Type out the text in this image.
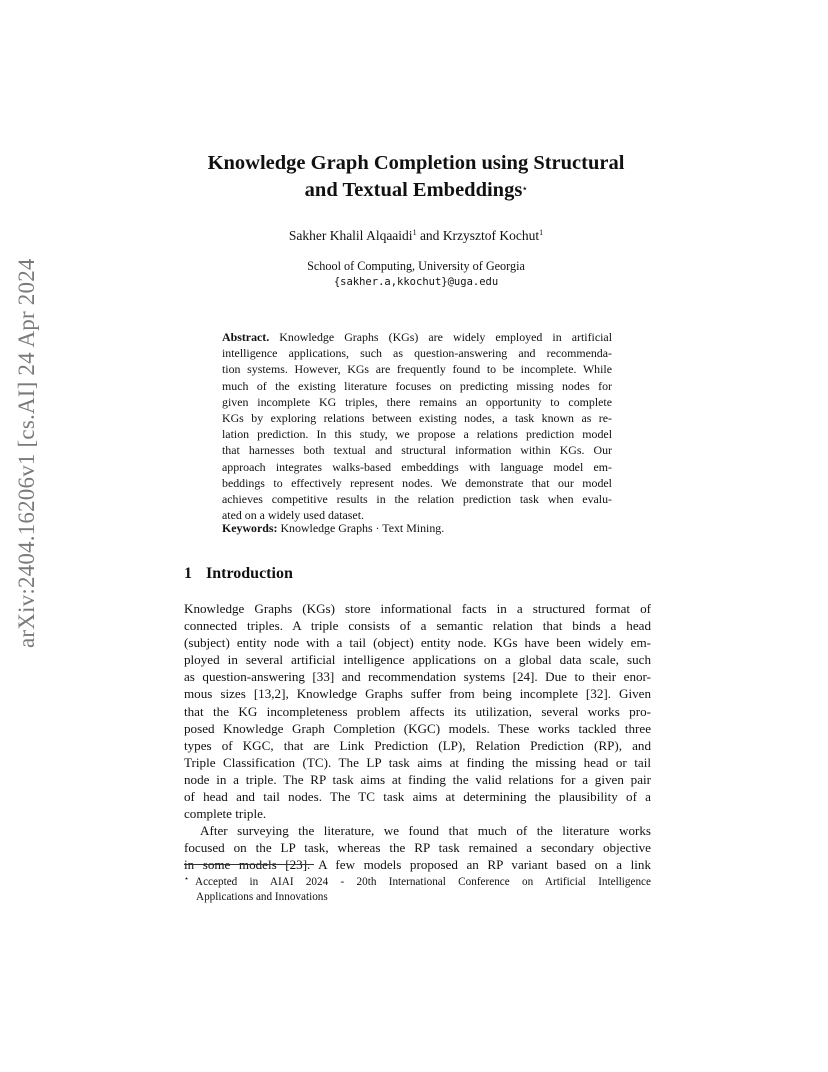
arXiv:2404.16206v1 [cs.AI] 24 Apr 2024
Knowledge Graph Completion using Structural
and Textual Embeddings⋆
Sakher Khalil Alqaaidi$^1$ and Krzysztof Kochut$^1$
School of Computing, University of Georgia
{sakher.a,kkochut}@uga.edu
Abstract. Knowledge Graphs (KGs) are widely employed in artificial
intelligence applications, such as question-answering and recommenda-
tion systems. However, KGs are frequently found to be incomplete. While
much of the existing literature focuses on predicting missing nodes for
given incomplete KG triples, there remains an opportunity to complete
KGs by exploring relations between existing nodes, a task known as re-
lation prediction. In this study, we propose a relations prediction model
that harnesses both textual and structural information within KGs. Our
approach integrates walks-based embeddings with language model em-
beddings to effectively represent nodes. We demonstrate that our model
achieves competitive results in the relation prediction task when evalu-
ated on a widely used dataset.
Keywords: Knowledge Graphs · Text Mining.
1 Introduction
Knowledge Graphs (KGs) store informational facts in a structured format of
connected triples. A triple consists of a semantic relation that binds a head
(subject) entity node with a tail (object) entity node. KGs have been widely em-
ployed in several artificial intelligence applications on a global data scale, such
as question-answering [33] and recommendation systems [24]. Due to their enor-
mous sizes [13,2], Knowledge Graphs suffer from being incomplete [32]. Given
that the KG incompleteness problem affects its utilization, several works pro-
posed Knowledge Graph Completion (KGC) models. These works tackled three
types of KGC, that are Link Prediction (LP), Relation Prediction (RP), and
Triple Classification (TC). The LP task aims at finding the missing head or tail
node in a triple. The RP task aims at finding the valid relations for a given pair
of head and tail nodes. The TC task aims at determining the plausibility of a
complete triple.
After surveying the literature, we found that much of the literature works
focused on the LP task, whereas the RP task remained a secondary objective
in some models [23]. A few models proposed an RP variant based on a link
⋆ Accepted in AIAI 2024 - 20th International Conference on Artificial Intelligence
Applications and Innovations
